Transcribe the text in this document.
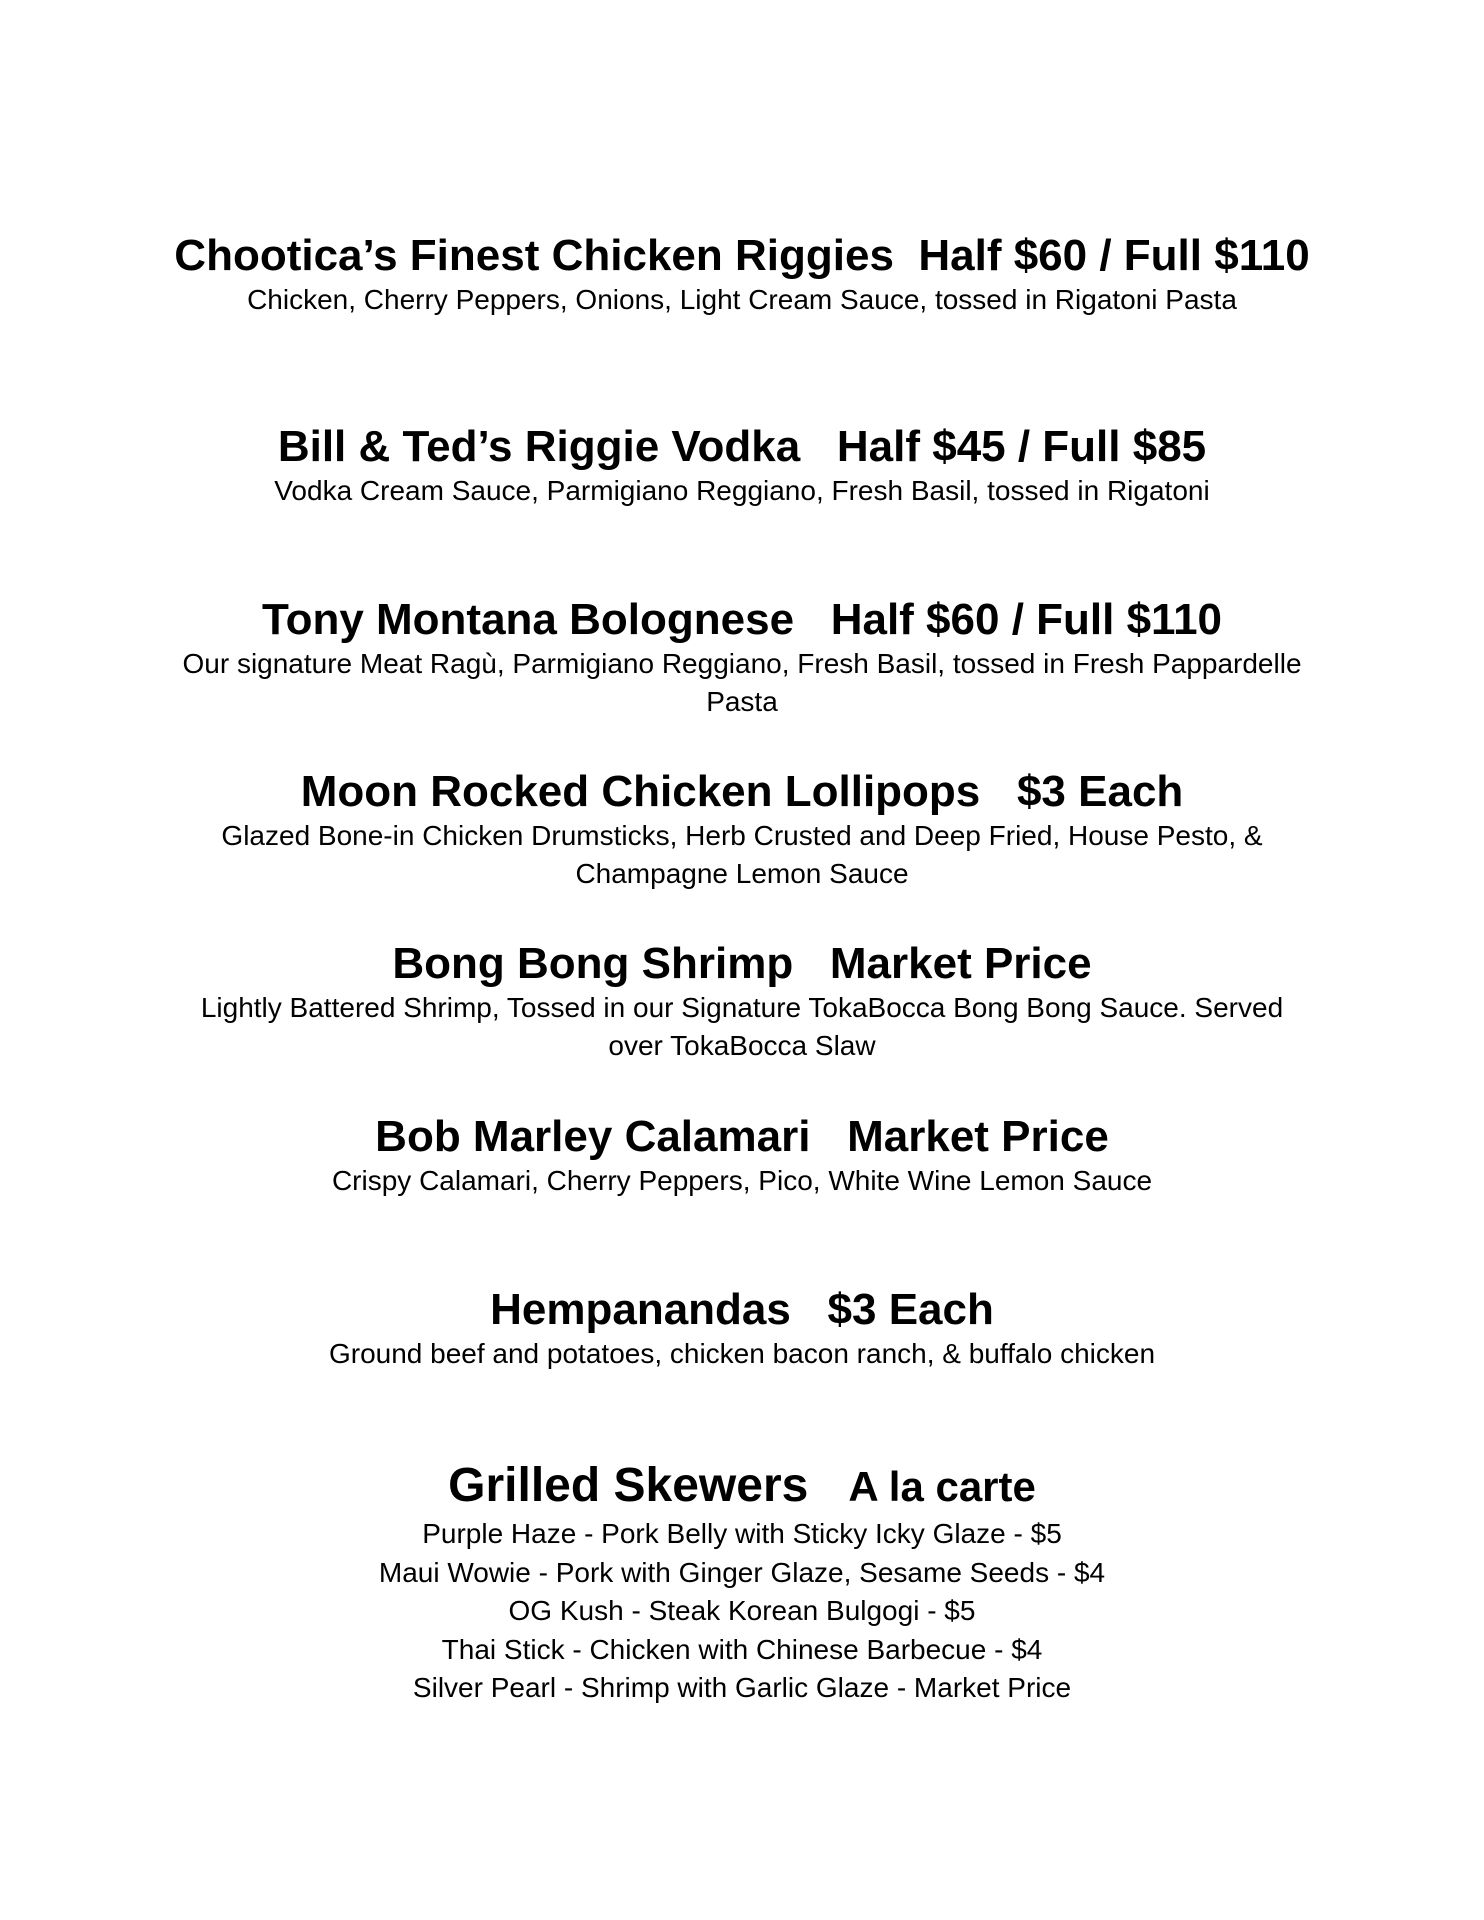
Chootica’s Finest Chicken Riggies  Half $60 / Full $110

Chicken, Cherry Peppers, Onions, Light Cream Sauce, tossed in Rigatoni Pasta

Bill & Ted’s Riggie Vodka   Half $45 / Full $85

Vodka Cream Sauce, Parmigiano Reggiano, Fresh Basil, tossed in Rigatoni

Tony Montana Bolognese   Half $60 / Full $110

Our signature Meat Ragù, Parmigiano Reggiano, Fresh Basil, tossed in Fresh Pappardelle Pasta

Moon Rocked Chicken Lollipops   $3 Each

Glazed Bone-in Chicken Drumsticks, Herb Crusted and Deep Fried, House Pesto, & Champagne Lemon Sauce

Bong Bong Shrimp   Market Price

Lightly Battered Shrimp, Tossed in our Signature TokaBocca Bong Bong Sauce. Served over TokaBocca Slaw

Bob Marley Calamari   Market Price

Crispy Calamari, Cherry Peppers, Pico, White Wine Lemon Sauce

Hempanandas   $3 Each

Ground beef and potatoes, chicken bacon ranch, & buffalo chicken

Grilled Skewers A la carte
Purple Haze - Pork Belly with Sticky Icky Glaze - $5
Maui Wowie - Pork with Ginger Glaze, Sesame Seeds - $4
OG Kush - Steak Korean Bulgogi - $5
Thai Stick - Chicken with Chinese Barbecue - $4
Silver Pearl - Shrimp with Garlic Glaze - Market Price
